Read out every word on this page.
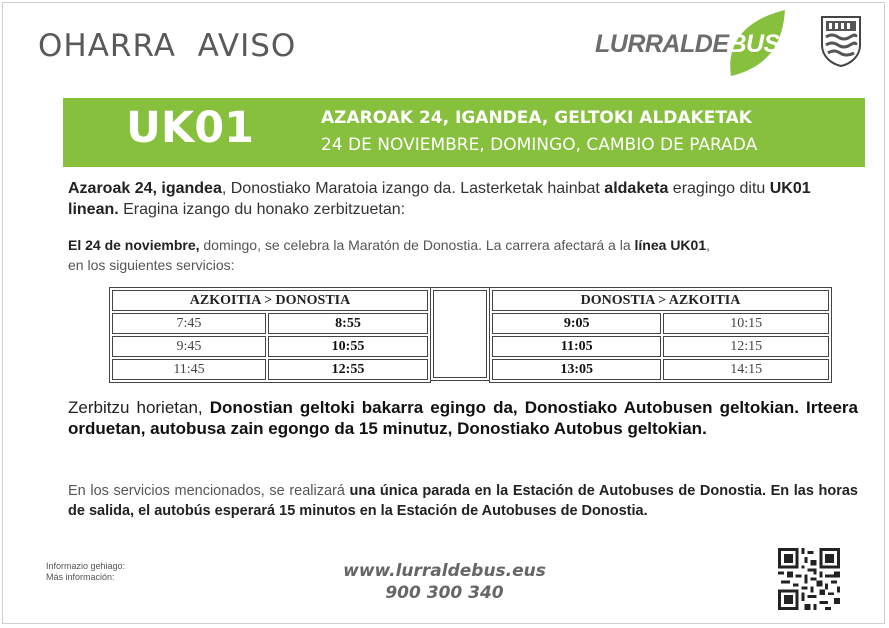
OHARRA  AVISO	LURRALDEBUS
UK01	AZAROAK 24, IGANDEA, GELTOKI ALDAKETAK
24 DE NOVIEMBRE, DOMINGO, CAMBIO DE PARADA
Azaroak 24, igandea, Donostiako Maratoia izango da. Lasterketak hainbat aldaketa eragingo ditu UK01 linean. Eragina izango du honako zerbitzuetan:
El 24 de noviembre, domingo, se celebra la Maratón de Donostia. La carrera afectará a la línea UK01,
en los siguientes servicios:
AZKOITIA > DONOSTIA	
7:45	8:55
9:45	10:55
11:45	12:55
DONOSTIA > AZKOITIA	
9:05	10:15
11:05	12:15
13:05	14:15
Zerbitzu horietan, Donostian geltoki bakarra egingo da, Donostiako Autobusen geltokian. Irteera orduetan, autobusa zain egongo da 15 minutuz, Donostiako Autobus geltokian.
En los servicios mencionados, se realizará una única parada en la Estación de Autobuses de Donostia. En las horas de salida, el autobús esperará 15 minutos en la Estación de Autobuses de Donostia.
Informazio gehiago:
Más información:	www.lurraldebus.eus
900 300 340
